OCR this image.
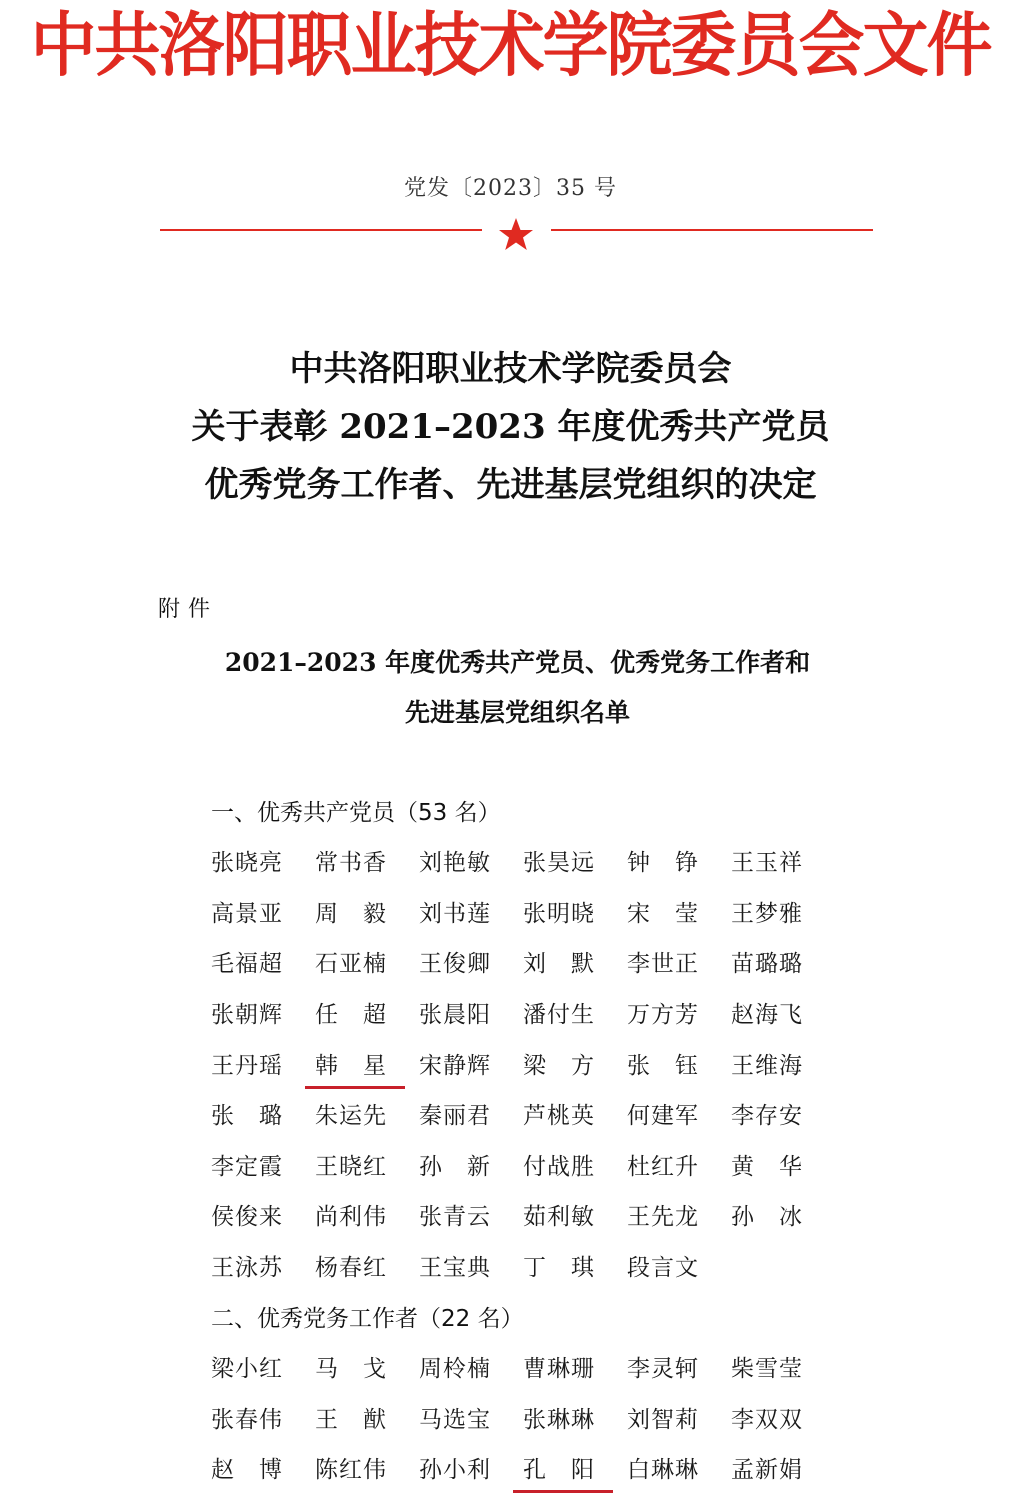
中共洛阳职业技术学院委员会文件
党发〔2023〕35 号
中共洛阳职业技术学院委员会
关于表彰 2021–2023 年度优秀共产党员
优秀党务工作者、先进基层党组织的决定
附件
2021–2023 年度优秀共产党员、优秀党务工作者和
先进基层党组织名单
一、优秀共产党员（53 名）
张晓亮	常书香	刘艳敏	张昊远	钟　铮	王玉祥
高景亚	周　毅	刘书莲	张明晓	宋　莹	王梦雅
毛福超	石亚楠	王俊卿	刘　默	李世正	苗璐璐
张朝辉	任　超	张晨阳	潘付生	万方芳	赵海飞
王丹瑶	韩　星	宋静辉	梁　方	张　钰	王维海
张　璐	朱运先	秦丽君	芦桃英	何建军	李存安
李定霞	王晓红	孙　新	付战胜	杜红升	黄　华
侯俊来	尚利伟	张青云	茹利敏	王先龙	孙　冰
王泳苏	杨春红	王宝典	丁　琪	段言文
二、优秀党务工作者（22 名）
梁小红	马　戈	周柃楠	曹琳珊	李灵轲	柴雪莹
张春伟	王　猷	马选宝	张琳琳	刘智莉	李双双
赵　博	陈红伟	孙小利	孔　阳	白琳琳	孟新娟
